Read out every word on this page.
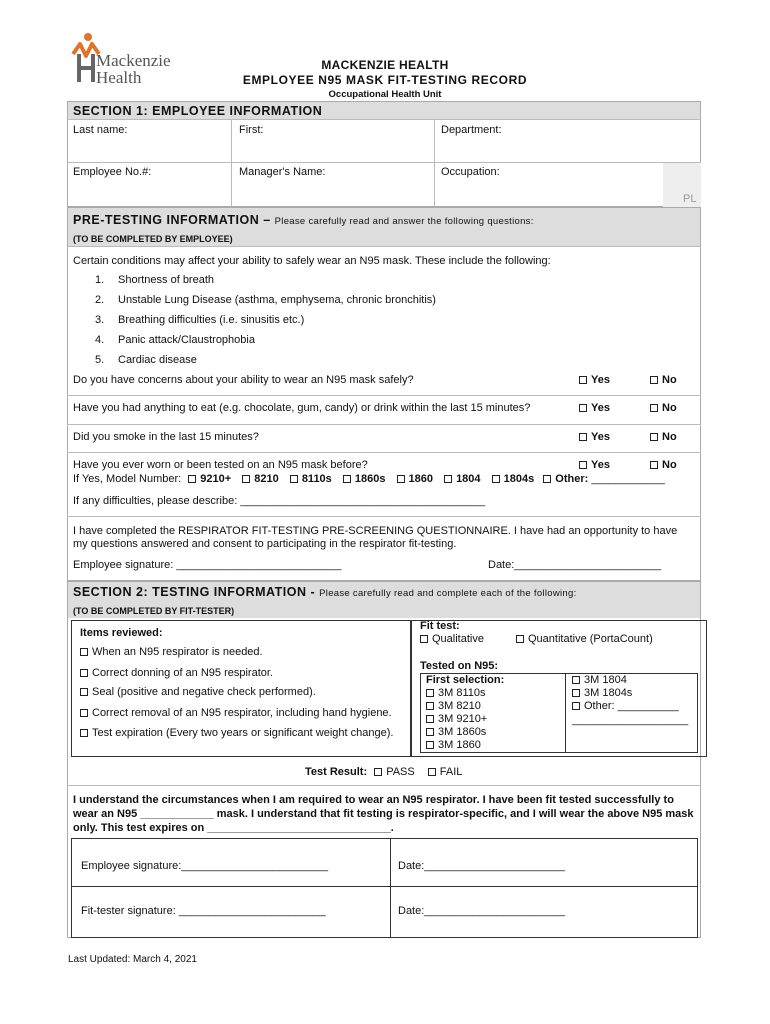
Mackenzie
Health
MACKENZIE HEALTH
EMPLOYEE N95 MASK FIT-TESTING RECORD
Occupational Health Unit
SECTION 1: EMPLOYEE INFORMATION
Last name:	First:	Department:
Employee No.#:	Manager's Name:	Occupation:
PL
PRE-TESTING INFORMATION – Please carefully read and answer the following questions:
(TO BE COMPLETED BY EMPLOYEE)
Certain conditions may affect your ability to safely wear an N95 mask. These include the following:
1. Shortness of breath
2. Unstable Lung Disease (asthma, emphysema, chronic bronchitis)
3. Breathing difficulties (i.e. sinusitis etc.)
4. Panic attack/Claustrophobia
5. Cardiac disease
Do you have concerns about your ability to wear an N95 mask safely?	Yes	No
Have you had anything to eat (e.g. chocolate, gum, candy) or drink within the last 15 minutes?	Yes	No
Did you smoke in the last 15 minutes?	Yes	No
Have you ever worn or been tested on an N95 mask before?	Yes	No
If Yes, Model Number: 9210+ 8210 8110s 1860s 1860 1804 1804s Other: ____________
If any difficulties, please describe: ________________________________________
I have completed the RESPIRATOR FIT-TESTING PRE-SCREENING QUESTIONNAIRE. I have had an opportunity to have my questions answered and consent to participating in the respirator fit-testing.
Employee signature: ___________________________	Date:________________________
SECTION 2: TESTING INFORMATION - Please carefully read and complete each of the following:
(TO BE COMPLETED BY FIT-TESTER)
Items reviewed:
When an N95 respirator is needed.
Correct donning of an N95 respirator.
Seal (positive and negative check performed).
Correct removal of an N95 respirator, including hand hygiene.
Test expiration (Every two years or significant weight change).
Fit test:
Qualitative	Quantitative (PortaCount)
Tested on N95:
First selection:
3M 8110s
3M 8210
3M 9210+
3M 1860s
3M 1860
3M 1804
3M 1804s
Other: __________
___________________
Test Result: PASS FAIL
I understand the circumstances when I am required to wear an N95 respirator. I have been fit tested successfully to wear an N95 ____________ mask. I understand that fit testing is respirator-specific, and I will wear the above N95 mask only. This test expires on ______________________________.
Employee signature:________________________	Date:_______________________
Fit-tester signature: ________________________	Date:_______________________
Last Updated: March 4, 2021
